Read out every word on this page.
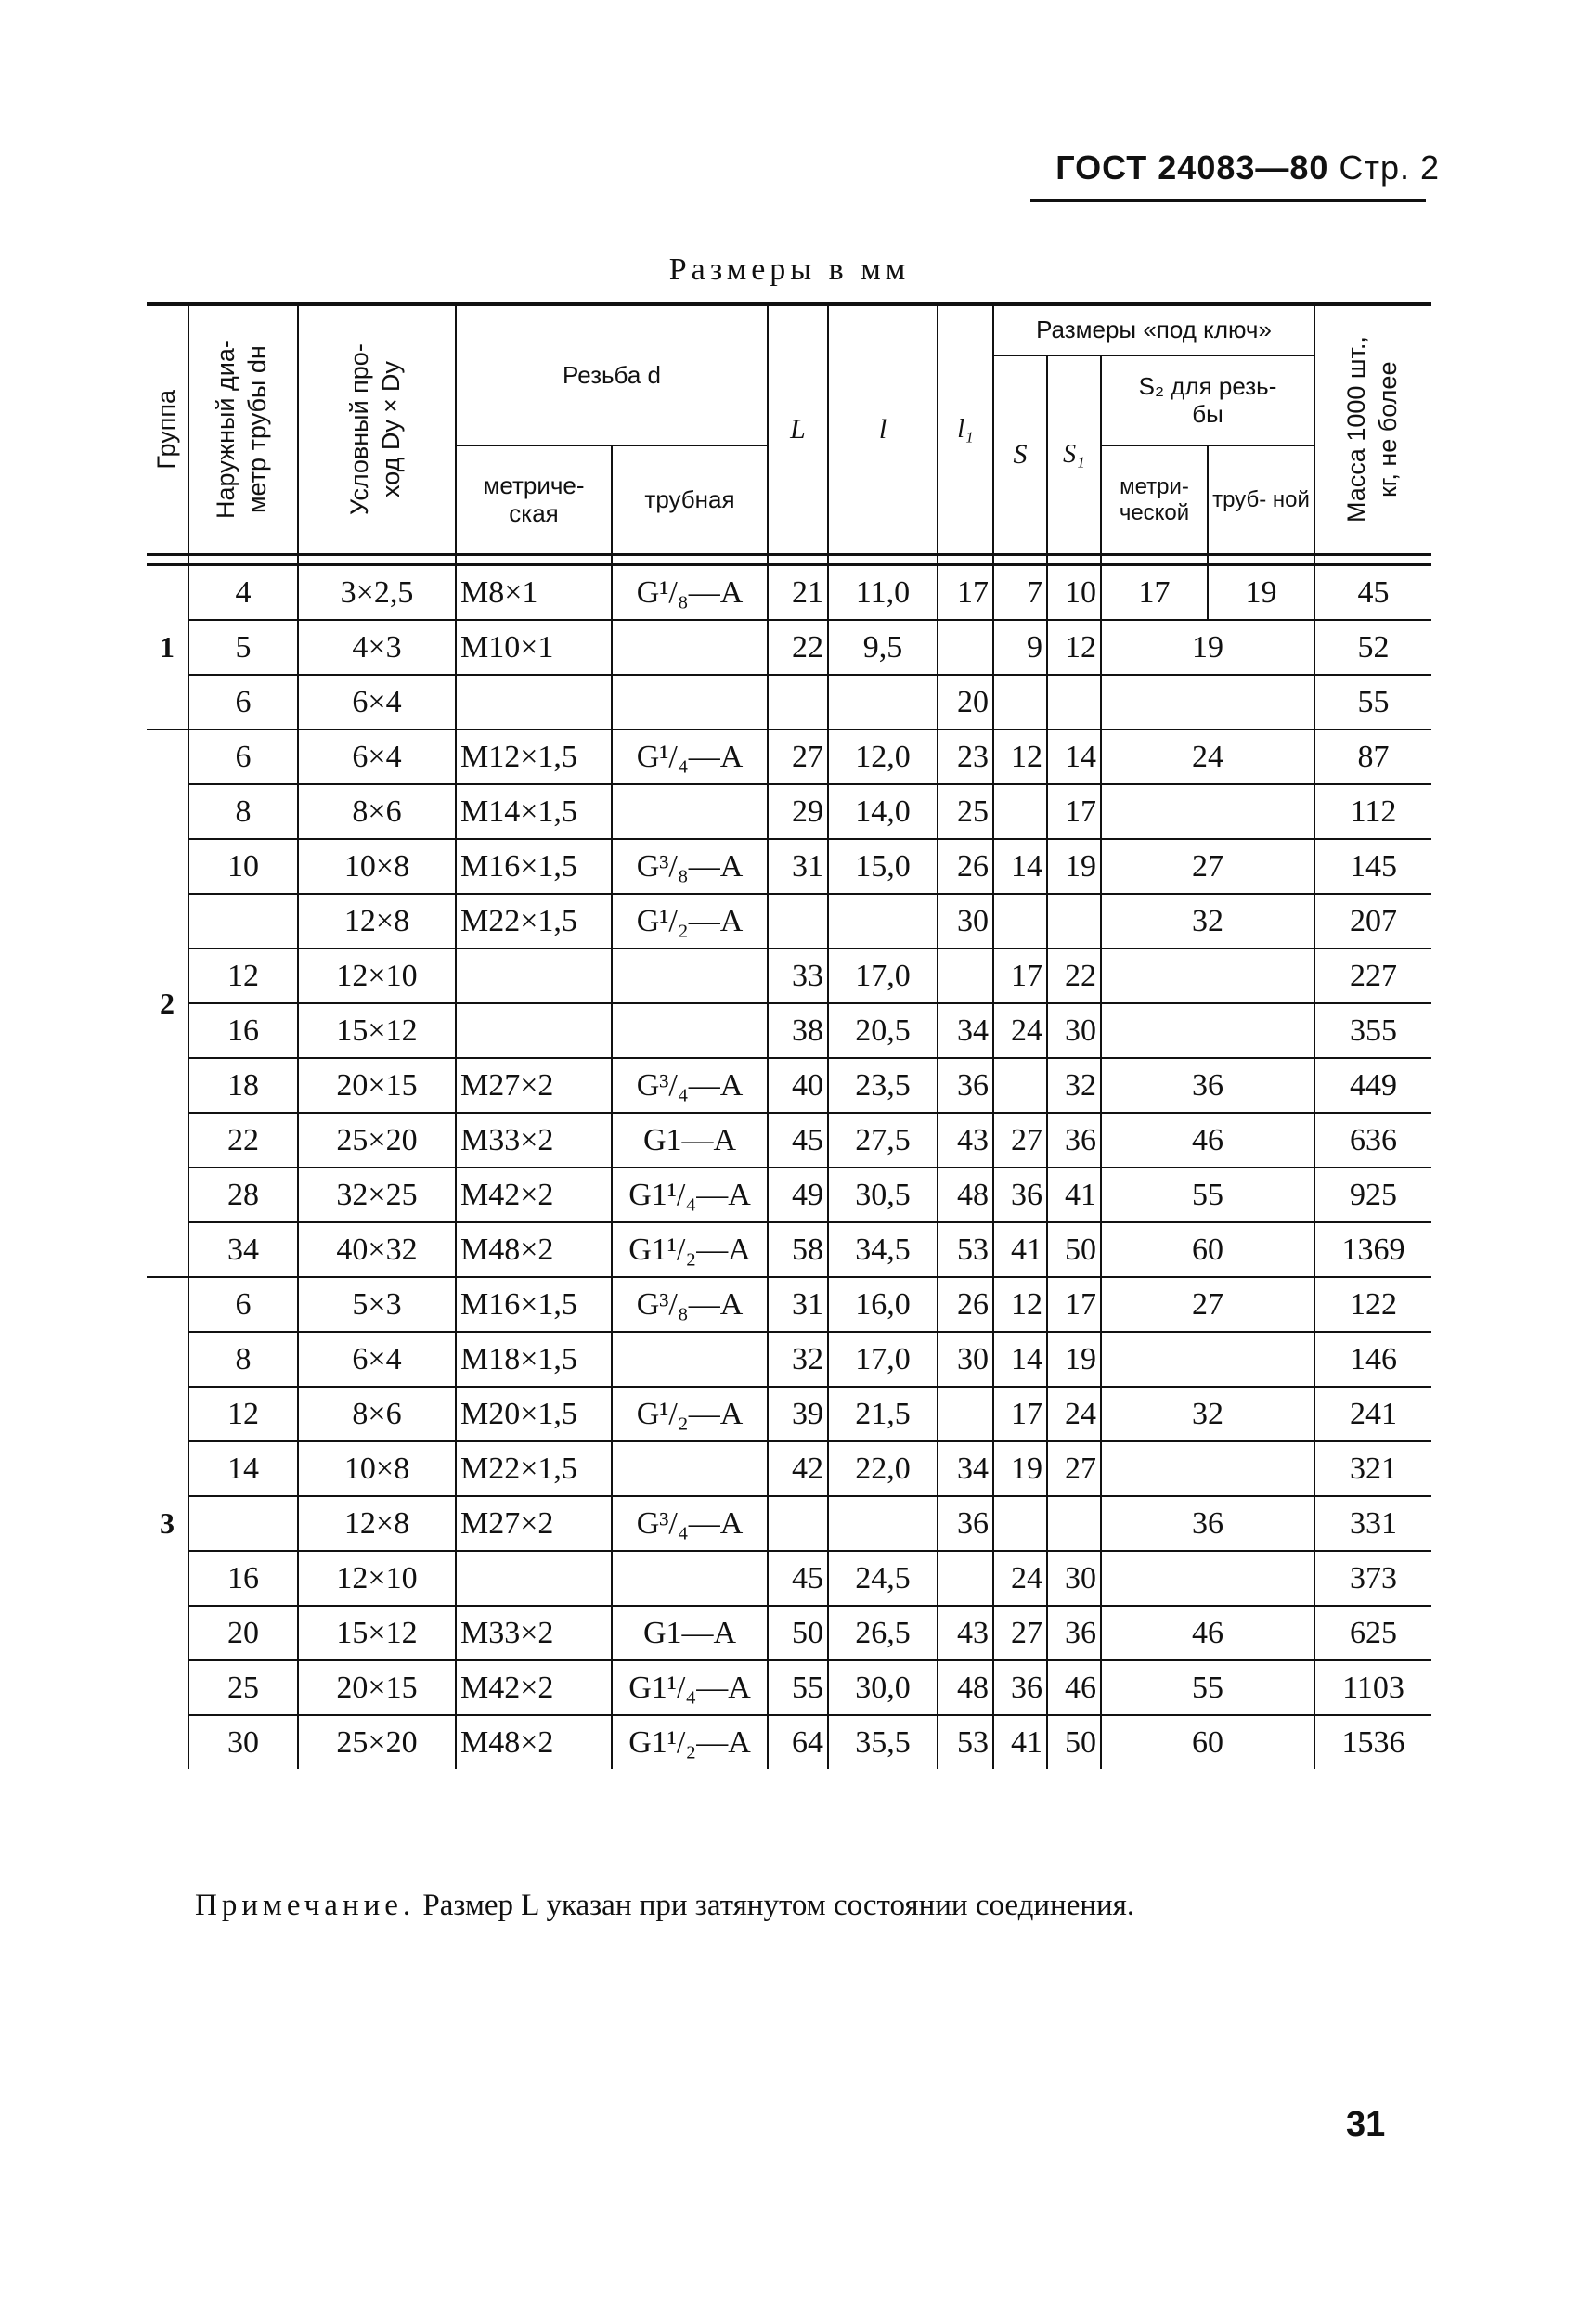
ГОСТ 24083—80 Стр. 2
Размеры в мм
Группа	Наружный диа- метр трубы dн	Условный про- ход Dу×Dу	Резьба d		L	l	l₁	Размеры «под ключ»				Масса 1000 шт., кг, не более

								S	S₁	S₂ для резь- бы		
			метриче- ская	трубная						метри- ческой	труб- ной	

1	4	3×2,5	M8×1	G¹/₈—A	21	11,0	17	7	10	17	19	45
	5	4×3	M10×1		22	9,5		9	12	19		52
	6	6×4					20					55
2	6	6×4	M12×1,5	G¹/₄—A	27	12,0	23	12	14	24		87
	8	8×6	M14×1,5		29	14,0	25		17			112
	10	10×8	M16×1,5	G³/₈—A	31	15,0	26	14	19	27		145
		12×8	M22×1,5	G¹/₂—A			30			32		207
	12	12×10			33	17,0		17	22			227
	16	15×12			38	20,5	34	24	30			355
	18	20×15	M27×2	G³/₄—A	40	23,5	36		32	36		449
	22	25×20	M33×2	G1—A	45	27,5	43	27	36	46		636
	28	32×25	M42×2	G1¹/₄—A	49	30,5	48	36	41	55		925
	34	40×32	M48×2	G1¹/₂—A	58	34,5	53	41	50	60		1369
3	6	5×3	M16×1,5	G³/₈—A	31	16,0	26	12	17	27		122
	8	6×4	M18×1,5		32	17,0	30	14	19			146
	12	8×6	M20×1,5	G¹/₂—A	39	21,5		17	24	32		241
	14	10×8	M22×1,5		42	22,0	34	19	27			321
		12×8	M27×2	G³/₄—A			36			36		331
	16	12×10			45	24,5		24	30			373
	20	15×12	M33×2	G1—A	50	26,5	43	27	36	46		625
	25	20×15	M42×2	G1¹/₄—A	55	30,0	48	36	46	55		1103
	30	25×20	M48×2	G1¹/₂—A	64	35,5	53	41	50	60		1536
Примечание. Размер L указан при затянутом состоянии соединения.
31
